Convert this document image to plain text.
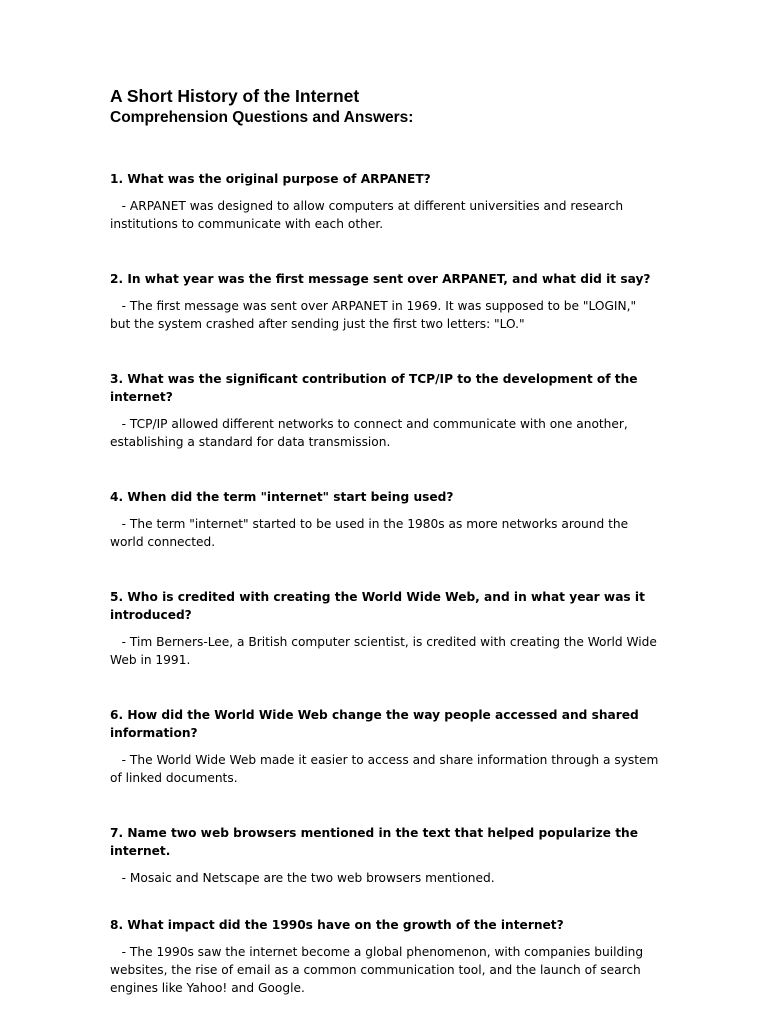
A Short History of the Internet
Comprehension Questions and Answers:

1. What was the original purpose of ARPANET?

- ARPANET was designed to allow computers at different universities and research institutions to communicate with each other.

2. In what year was the first message sent over ARPANET, and what did it say?

- The first message was sent over ARPANET in 1969. It was supposed to be "LOGIN," but the system crashed after sending just the first two letters: "LO."

3. What was the significant contribution of TCP/IP to the development of the internet?

- TCP/IP allowed different networks to connect and communicate with one another, establishing a standard for data transmission.

4. When did the term "internet" start being used?

- The term "internet" started to be used in the 1980s as more networks around the world connected.

5. Who is credited with creating the World Wide Web, and in what year was it introduced?

- Tim Berners-Lee, a British computer scientist, is credited with creating the World Wide Web in 1991.

6. How did the World Wide Web change the way people accessed and shared information?

- The World Wide Web made it easier to access and share information through a system of linked documents.

7. Name two web browsers mentioned in the text that helped popularize the internet.

- Mosaic and Netscape are the two web browsers mentioned.

8. What impact did the 1990s have on the growth of the internet?

- The 1990s saw the internet become a global phenomenon, with companies building websites, the rise of email as a common communication tool, and the launch of search engines like Yahoo! and Google.
